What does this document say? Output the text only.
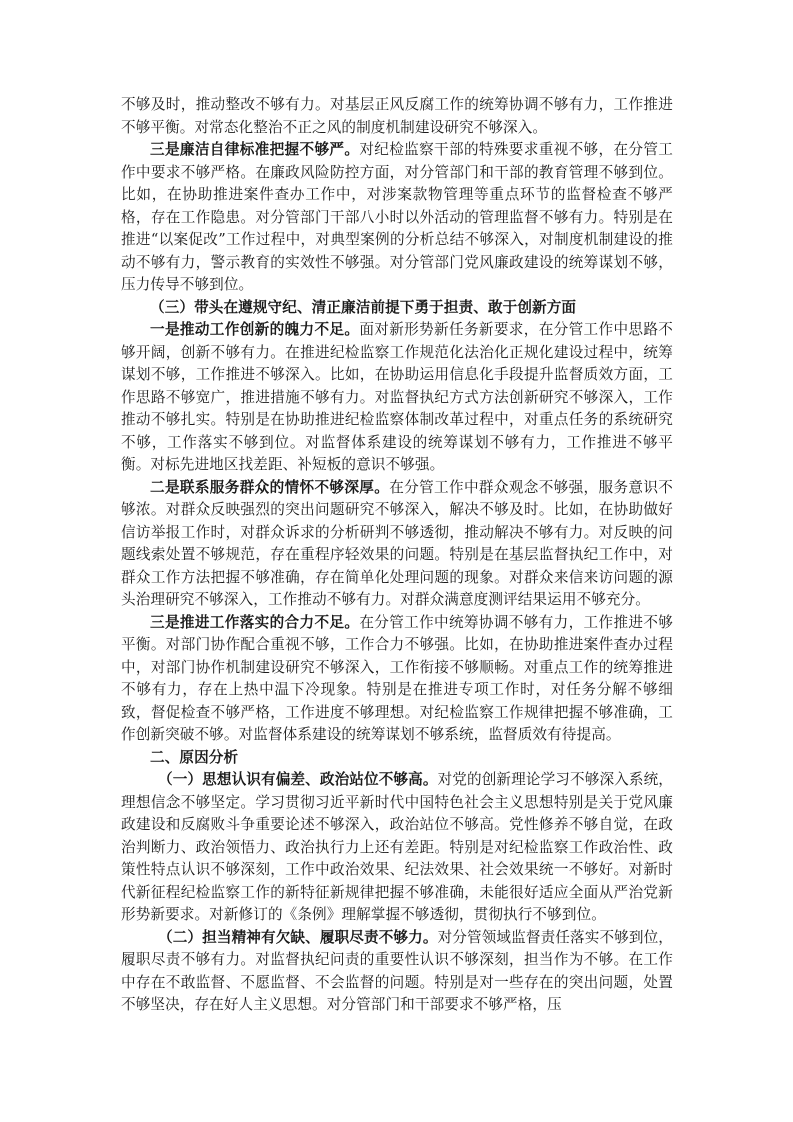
不够及时，推动整改不够有力。对基层正风反腐工作的统筹协调不够有力，工作推进不够平衡。对常态化整治不正之风的制度机制建设研究不够深入。

三是廉洁自律标准把握不够严。对纪检监察干部的特殊要求重视不够，在分管工作中要求不够严格。在廉政风险防控方面，对分管部门和干部的教育管理不够到位。比如，在协助推进案件查办工作中，对涉案款物管理等重点环节的监督检查不够严格，存在工作隐患。对分管部门干部八小时以外活动的管理监督不够有力。特别是在推进“以案促改”工作过程中，对典型案例的分析总结不够深入，对制度机制建设的推动不够有力，警示教育的实效性不够强。对分管部门党风廉政建设的统筹谋划不够，压力传导不够到位。

（三）带头在遵规守纪、清正廉洁前提下勇于担责、敢于创新方面

一是推动工作创新的魄力不足。面对新形势新任务新要求，在分管工作中思路不够开阔，创新不够有力。在推进纪检监察工作规范化法治化正规化建设过程中，统筹谋划不够，工作推进不够深入。比如，在协助运用信息化手段提升监督质效方面，工作思路不够宽广，推进措施不够有力。对监督执纪方式方法创新研究不够深入，工作推动不够扎实。特别是在协助推进纪检监察体制改革过程中，对重点任务的系统研究不够，工作落实不够到位。对监督体系建设的统筹谋划不够有力，工作推进不够平衡。对标先进地区找差距、补短板的意识不够强。

二是联系服务群众的情怀不够深厚。在分管工作中群众观念不够强，服务意识不够浓。对群众反映强烈的突出问题研究不够深入，解决不够及时。比如，在协助做好信访举报工作时，对群众诉求的分析研判不够透彻，推动解决不够有力。对反映的问题线索处置不够规范，存在重程序轻效果的问题。特别是在基层监督执纪工作中，对群众工作方法把握不够准确，存在简单化处理问题的现象。对群众来信来访问题的源头治理研究不够深入，工作推动不够有力。对群众满意度测评结果运用不够充分。

三是推进工作落实的合力不足。在分管工作中统筹协调不够有力，工作推进不够平衡。对部门协作配合重视不够，工作合力不够强。比如，在协助推进案件查办过程中，对部门协作机制建设研究不够深入，工作衔接不够顺畅。对重点工作的统筹推进不够有力，存在上热中温下冷现象。特别是在推进专项工作时，对任务分解不够细致，督促检查不够严格，工作进度不够理想。对纪检监察工作规律把握不够准确，工作创新突破不够。对监督体系建设的统筹谋划不够系统，监督质效有待提高。

二、原因分析

（一）思想认识有偏差、政治站位不够高。对党的创新理论学习不够深入系统，理想信念不够坚定。学习贯彻习近平新时代中国特色社会主义思想特别是关于党风廉政建设和反腐败斗争重要论述不够深入，政治站位不够高。党性修养不够自觉，在政治判断力、政治领悟力、政治执行力上还有差距。特别是对纪检监察工作政治性、政策性特点认识不够深刻，工作中政治效果、纪法效果、社会效果统一不够好。对新时代新征程纪检监察工作的新特征新规律把握不够准确，未能很好适应全面从严治党新形势新要求。对新修订的《条例》理解掌握不够透彻，贯彻执行不够到位。

（二）担当精神有欠缺、履职尽责不够力。对分管领域监督责任落实不够到位，履职尽责不够有力。对监督执纪问责的重要性认识不够深刻，担当作为不够。在工作中存在不敢监督、不愿监督、不会监督的问题。特别是对一些存在的突出问题，处置不够坚决，存在好人主义思想。对分管部门和干部要求不够严格，压
